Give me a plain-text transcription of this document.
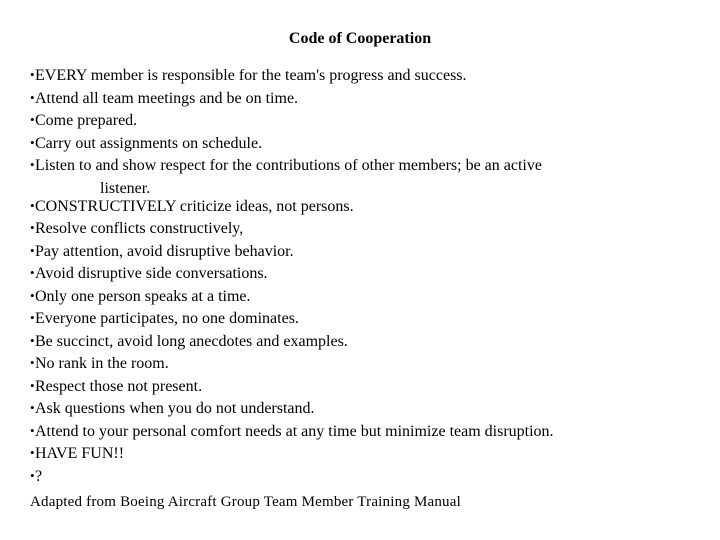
Code of Cooperation
•EVERY member is responsible for the team's progress and success.
•Attend all team meetings and be on time.
•Come prepared.
•Carry out assignments on schedule.
•Listen to and show respect for the contributions of other members; be an active
listener.
•CONSTRUCTIVELY criticize ideas, not persons.
•Resolve conflicts constructively,
•Pay attention, avoid disruptive behavior.
•Avoid disruptive side conversations.
•Only one person speaks at a time.
•Everyone participates, no one dominates.
•Be succinct, avoid long anecdotes and examples.
•No rank in the room.
•Respect those not present.
•Ask questions when you do not understand.
•Attend to your personal comfort needs at any time but minimize team disruption.
•HAVE FUN!!
•?
Adapted from Boeing Aircraft Group Team Member Training Manual
